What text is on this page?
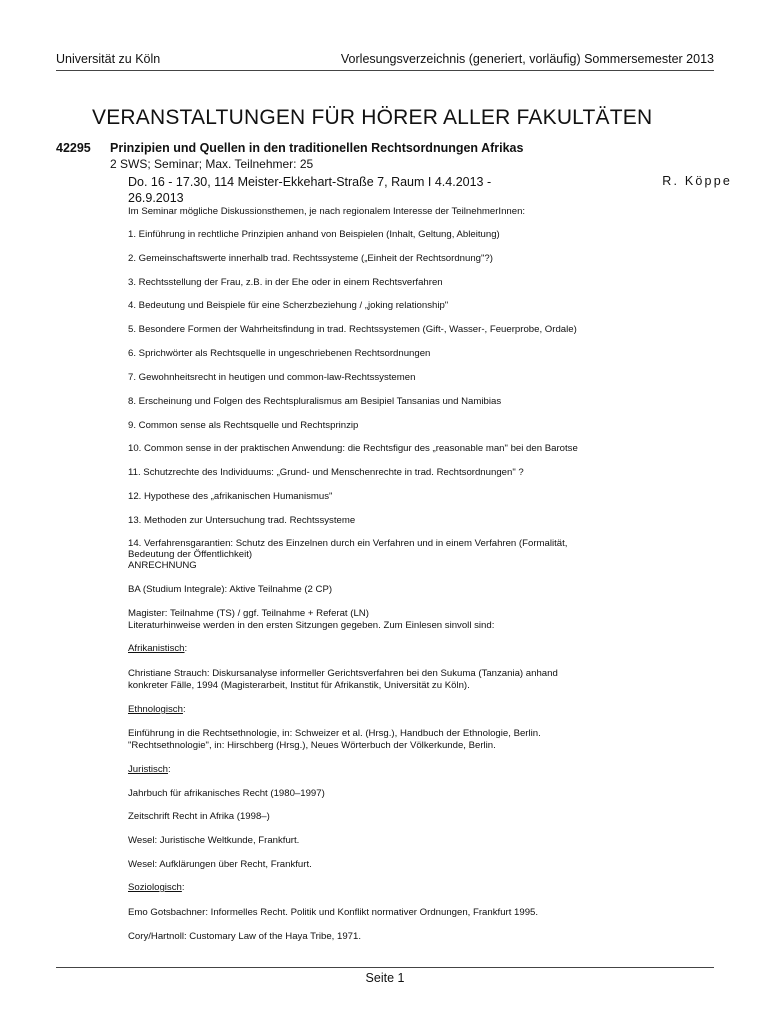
Universität zu Köln	Vorlesungsverzeichnis (generiert, vorläufig) Sommersemester 2013
VERANSTALTUNGEN FÜR HÖRER ALLER FAKULTÄTEN
42295 Prinzipien und Quellen in den traditionellen Rechtsordnungen Afrikas
2 SWS; Seminar; Max. Teilnehmer: 25
Do. 16 - 17.30, 114 Meister-Ekkehart-Straße 7, Raum I 4.4.2013 - 26.9.2013
R. Köppe
Im Seminar mögliche Diskussionsthemen, je nach regionalem Interesse der TeilnehmerInnen:
1. Einführung in rechtliche Prinzipien anhand von Beispielen (Inhalt, Geltung, Ableitung)
2. Gemeinschaftswerte innerhalb trad. Rechtssysteme („Einheit der Rechtsordnung"?)
3. Rechtsstellung der Frau, z.B. in der Ehe oder in einem Rechtsverfahren
4. Bedeutung und Beispiele für eine Scherzbeziehung / „joking relationship"
5. Besondere Formen der Wahrheitsfindung in trad. Rechtssystemen (Gift-, Wasser-, Feuerprobe, Ordale)
6. Sprichwörter als Rechtsquelle in ungeschriebenen Rechtsordnungen
7. Gewohnheitsrecht in heutigen und common-law-Rechtssystemen
8. Erscheinung und Folgen des Rechtspluralismus am Besipiel Tansanias und Namibias
9. Common sense als Rechtsquelle und Rechtsprinzip
10. Common sense in der praktischen Anwendung: die Rechtsfigur des „reasonable man" bei den Barotse
11. Schutzrechte des Individuums: „Grund- und Menschenrechte in trad. Rechtsordnungen" ?
12. Hypothese des „afrikanischen Humanismus"
13. Methoden zur Untersuchung trad. Rechtssysteme
14. Verfahrensgarantien: Schutz des Einzelnen durch ein Verfahren und in einem Verfahren (Formalität,
Bedeutung der Öffentlichkeit)
ANRECHNUNG
BA (Studium Integrale): Aktive Teilnahme (2 CP)
Magister: Teilnahme (TS) / ggf. Teilnahme + Referat (LN)
Literaturhinweise werden in den ersten Sitzungen gegeben. Zum Einlesen sinvoll sind:
Afrikanistisch:
Christiane Strauch: Diskursanalyse informeller Gerichtsverfahren bei den Sukuma (Tanzania) anhand
konkreter Fälle, 1994 (Magisterarbeit, Institut für Afrikanstik, Universität zu Köln).
Ethnologisch:
Einführung in die Rechtsethnologie, in: Schweizer et al. (Hrsg.), Handbuch der Ethnologie, Berlin.
"Rechtsethnologie", in: Hirschberg (Hrsg.), Neues Wörterbuch der Völkerkunde, Berlin.
Juristisch:
Jahrbuch für afrikanisches Recht (1980–1997)
Zeitschrift Recht in Afrika (1998–)
Wesel: Juristische Weltkunde, Frankfurt.
Wesel: Aufklärungen über Recht, Frankfurt.
Soziologisch:
Emo Gotsbachner: Informelles Recht. Politik und Konflikt normativer Ordnungen, Frankfurt 1995.
Cory/Hartnoll: Customary Law of the Haya Tribe, 1971.
Seite 1
